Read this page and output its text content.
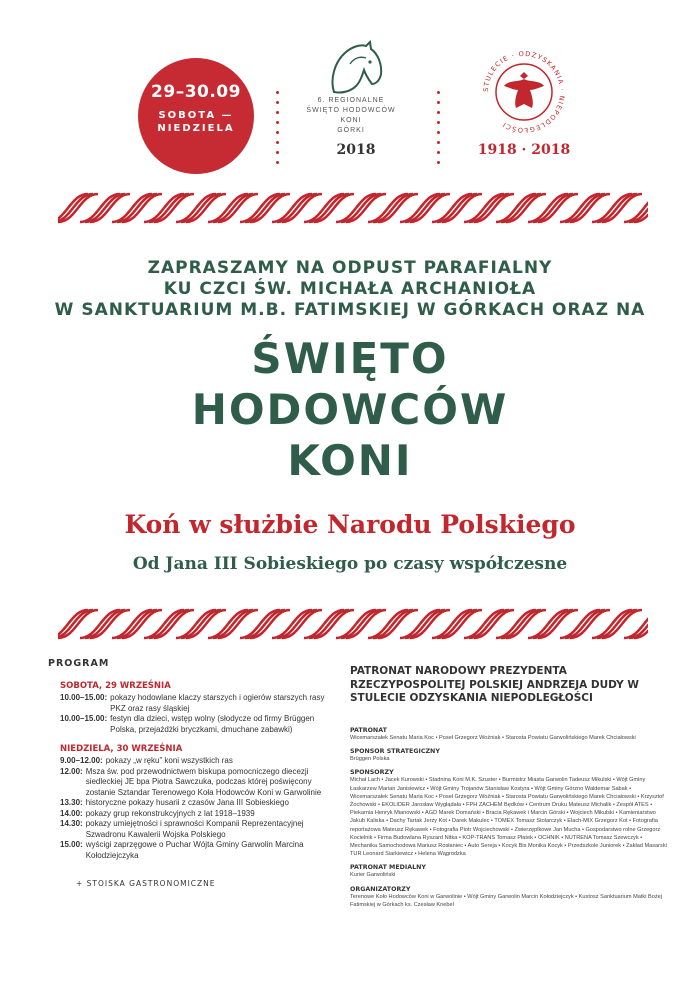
29–30.09
SOBOTA —
NIEDZIELA
6. REGIONALNE
ŚWIĘTO HODOWCÓW KONI
GÓRKI
2018
STULECIE · ODZYSKANIA · NIEPODLEGŁOŚCI
1918 · 2018
ZAPRASZAMY NA ODPUST PARAFIALNY
KU CZCI ŚW. MICHAŁA ARCHANIOŁA
W SANKTUARIUM M.B. FATIMSKIEJ W GÓRKACH ORAZ NA
ŚWIĘTO
HODOWCÓW
KONI
Koń w służbie Narodu Polskiego
Od Jana III Sobieskiego po czasy współczesne
PROGRAM
SOBOTA, 29 WRZEŚNIA
10.00–15.00: pokazy hodowlane klaczy starszych i ogierów starszych rasy PKZ oraz rasy śląskiej
10.00–15.00: festyn dla dzieci, wstęp wolny (słodycze od firmy Brüggen Polska, przejażdżki bryczkami, dmuchane zabawki)
NIEDZIELA, 30 WRZEŚNIA
9.00–12.00: pokazy „w ręku” koni wszystkich ras
12.00: Msza św. pod przewodnictwem biskupa pomocniczego diecezji siedleckiej JE bpa Piotra Sawczuka, podczas której poświęcony zostanie Sztandar Terenowego Koła Hodowców Koni w Garwolinie
13.30: historyczne pokazy husarii z czasów Jana III Sobieskiego
14.00: pokazy grup rekonstrukcyjnych z lat 1918–1939
14.30: pokazy umiejętności i sprawności Kompanii Reprezentacyjnej Szwadronu Kawalerii Wojska Polskiego
15.00: wyścigi zaprzęgowe o Puchar Wójta Gminy Garwolin Marcina Kołodziejczyka
+ STOISKA GASTRONOMICZNE
PATRONAT NARODOWY PREZYDENTA RZECZYPOSPOLITEJ POLSKIEJ ANDRZEJA DUDY W STULECIE ODZYSKANIA NIEPODLEGŁOŚCI
PATRONAT
Wicemarszałek Senatu Maria Koc • Poseł Grzegorz Woźniak • Starosta Powiatu Garwolińskiego Marek Chciałowski
SPONSOR STRATEGICZNY
Brüggen Polska
SPONSORZY
Michał Lach • Jacek Kurowski • Stadnina Koni M.K. Szuster • Burmistrz Miasta Garwolin Tadeusz Mikulski • Wójt Gminy Łaskarzew Marian Janisiewicz • Wójt Gminy Trojanów Stanisław Kostyra • Wójt Gminy Górzno Waldemar Sabak • Wicemarszałek Senatu Maria Koc • Poseł Grzegorz Woźniak • Starosta Powiatu Garwolińskiego Marek Chciałowski • Krzysztof Żochowski • EKOLIDER Jarosław Wygłądała • FPH ZACHEM Będków • Centrum Druku Mateusz Michalik • Zespół ATES • Piekarnia Henryk Mianowski • AGD Marek Domański • Bracia Rękawek i Marcin Górski • Wojciech Mikulski • Kamieniarstwo Jakub Kaliska • Dachy Tartak Jerzy Kot • Darek Makulec • TOMEX Tomasz Stolarczyk • Elach-MIX Grzegorz Kot • Fotografia reportażowa Mateusz Rękawek • Fotografia Piotr Wojciechowski • Zwierzęplkowe Jan Mucha • Gospodarstwo rolne Grzegorz Kocielnik • Firma Budowlana Ryszard Nitka • KOP-TRANS Tomasz Płatek • OCHNIK • NUTRENA Tomasz Szewczyk • Mechanika Samochodowa Mariusz Rosłaniec • Auto Sereja • Kocyk Bis Monika Kocyk • Przedszkole Juniorek • Zakład Masarski TUR Leonard Siarkiewicz • Helena Wągrodzka
PATRONAT MEDIALNY
Kurier Garwoliński
ORGANIZATORZY
Terenowe Koło Hodowców Koni w Garwolinie • Wójt Gminy Garwolin Marcin Kołodziejczyk • Kustosz Sanktuarium Matki Bożej Fatimskiej w Górkach ks. Czesław Knebel
